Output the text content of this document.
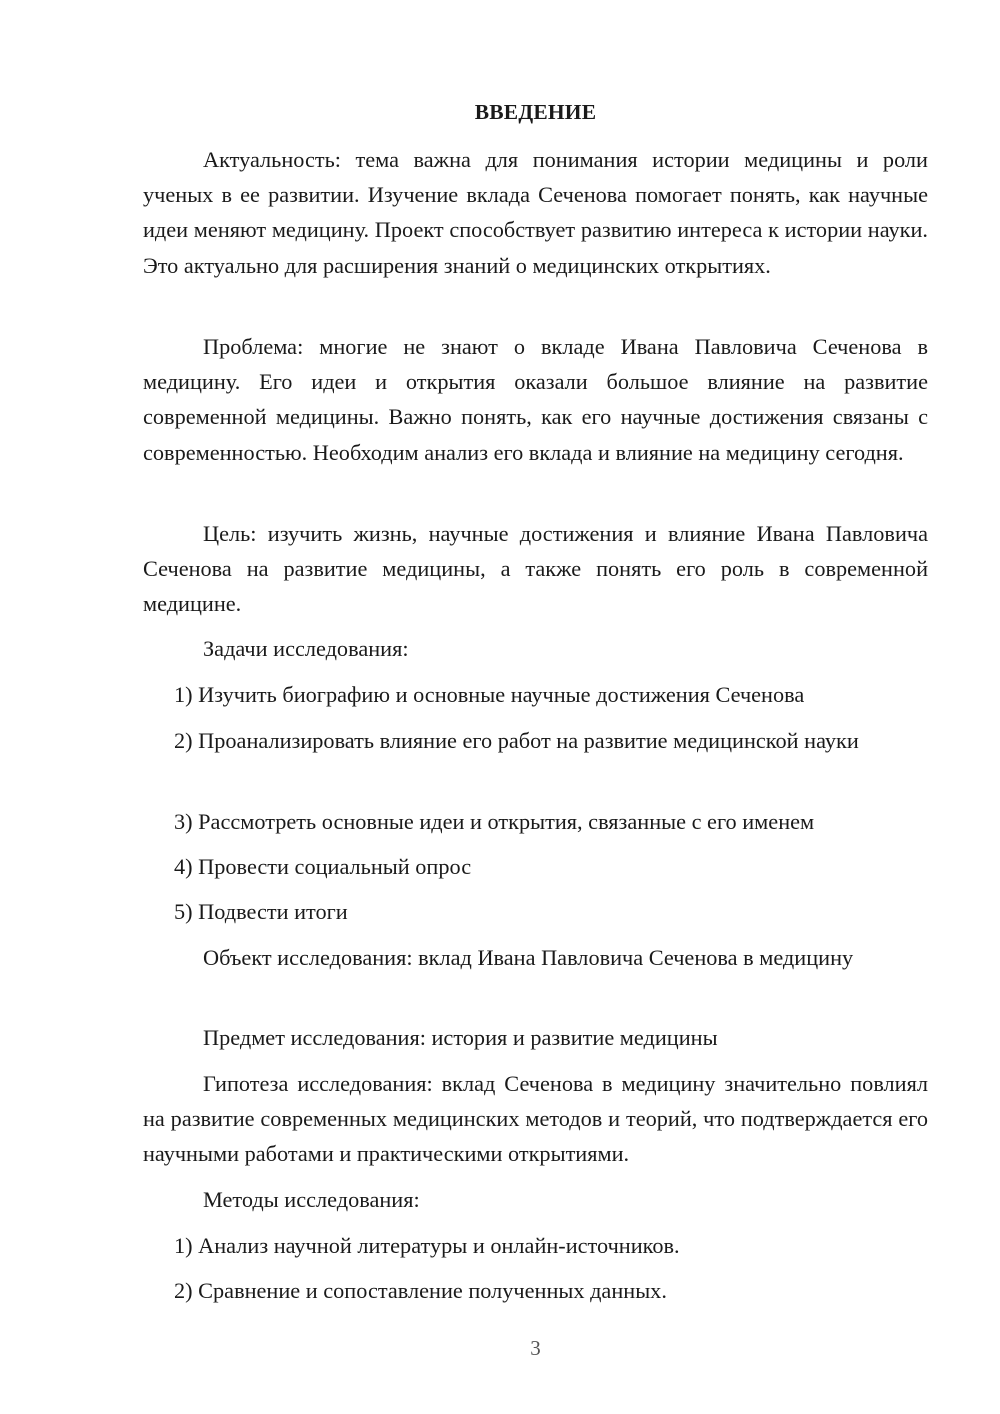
ВВЕДЕНИЕ

Актуальность: тема важна для понимания истории медицины и роли ученых в ее развитии. Изучение вклада Сеченова помогает понять, как научные идеи меняют медицину. Проект способствует развитию интереса к истории науки. Это актуально для расширения знаний о медицинских открытиях.

Проблема: многие не знают о вкладе Ивана Павловича Сеченова в медицину. Его идеи и открытия оказали большое влияние на развитие современной медицины. Важно понять, как его научные достижения связаны с современностью. Необходим анализ его вклада и влияние на медицину сегодня.

Цель: изучить жизнь, научные достижения и влияние Ивана Павловича Сеченова на развитие медицины, а также понять его роль в современной медицине.

Задачи исследования:

1) Изучить биографию и основные научные достижения Сеченова

2) Проанализировать влияние его работ на развитие медицинской науки

3) Рассмотреть основные идеи и открытия, связанные с его именем

4) Провести социальный опрос

5) Подвести итоги

Объект исследования: вклад Ивана Павловича Сеченова в медицину

Предмет исследования: история и развитие медицины

Гипотеза исследования: вклад Сеченова в медицину значительно повлиял на развитие современных медицинских методов и теорий, что подтверждается его научными работами и практическими открытиями.

Методы исследования:

1) Анализ научной литературы и онлайн-источников.

2) Сравнение и сопоставление полученных данных.

3
